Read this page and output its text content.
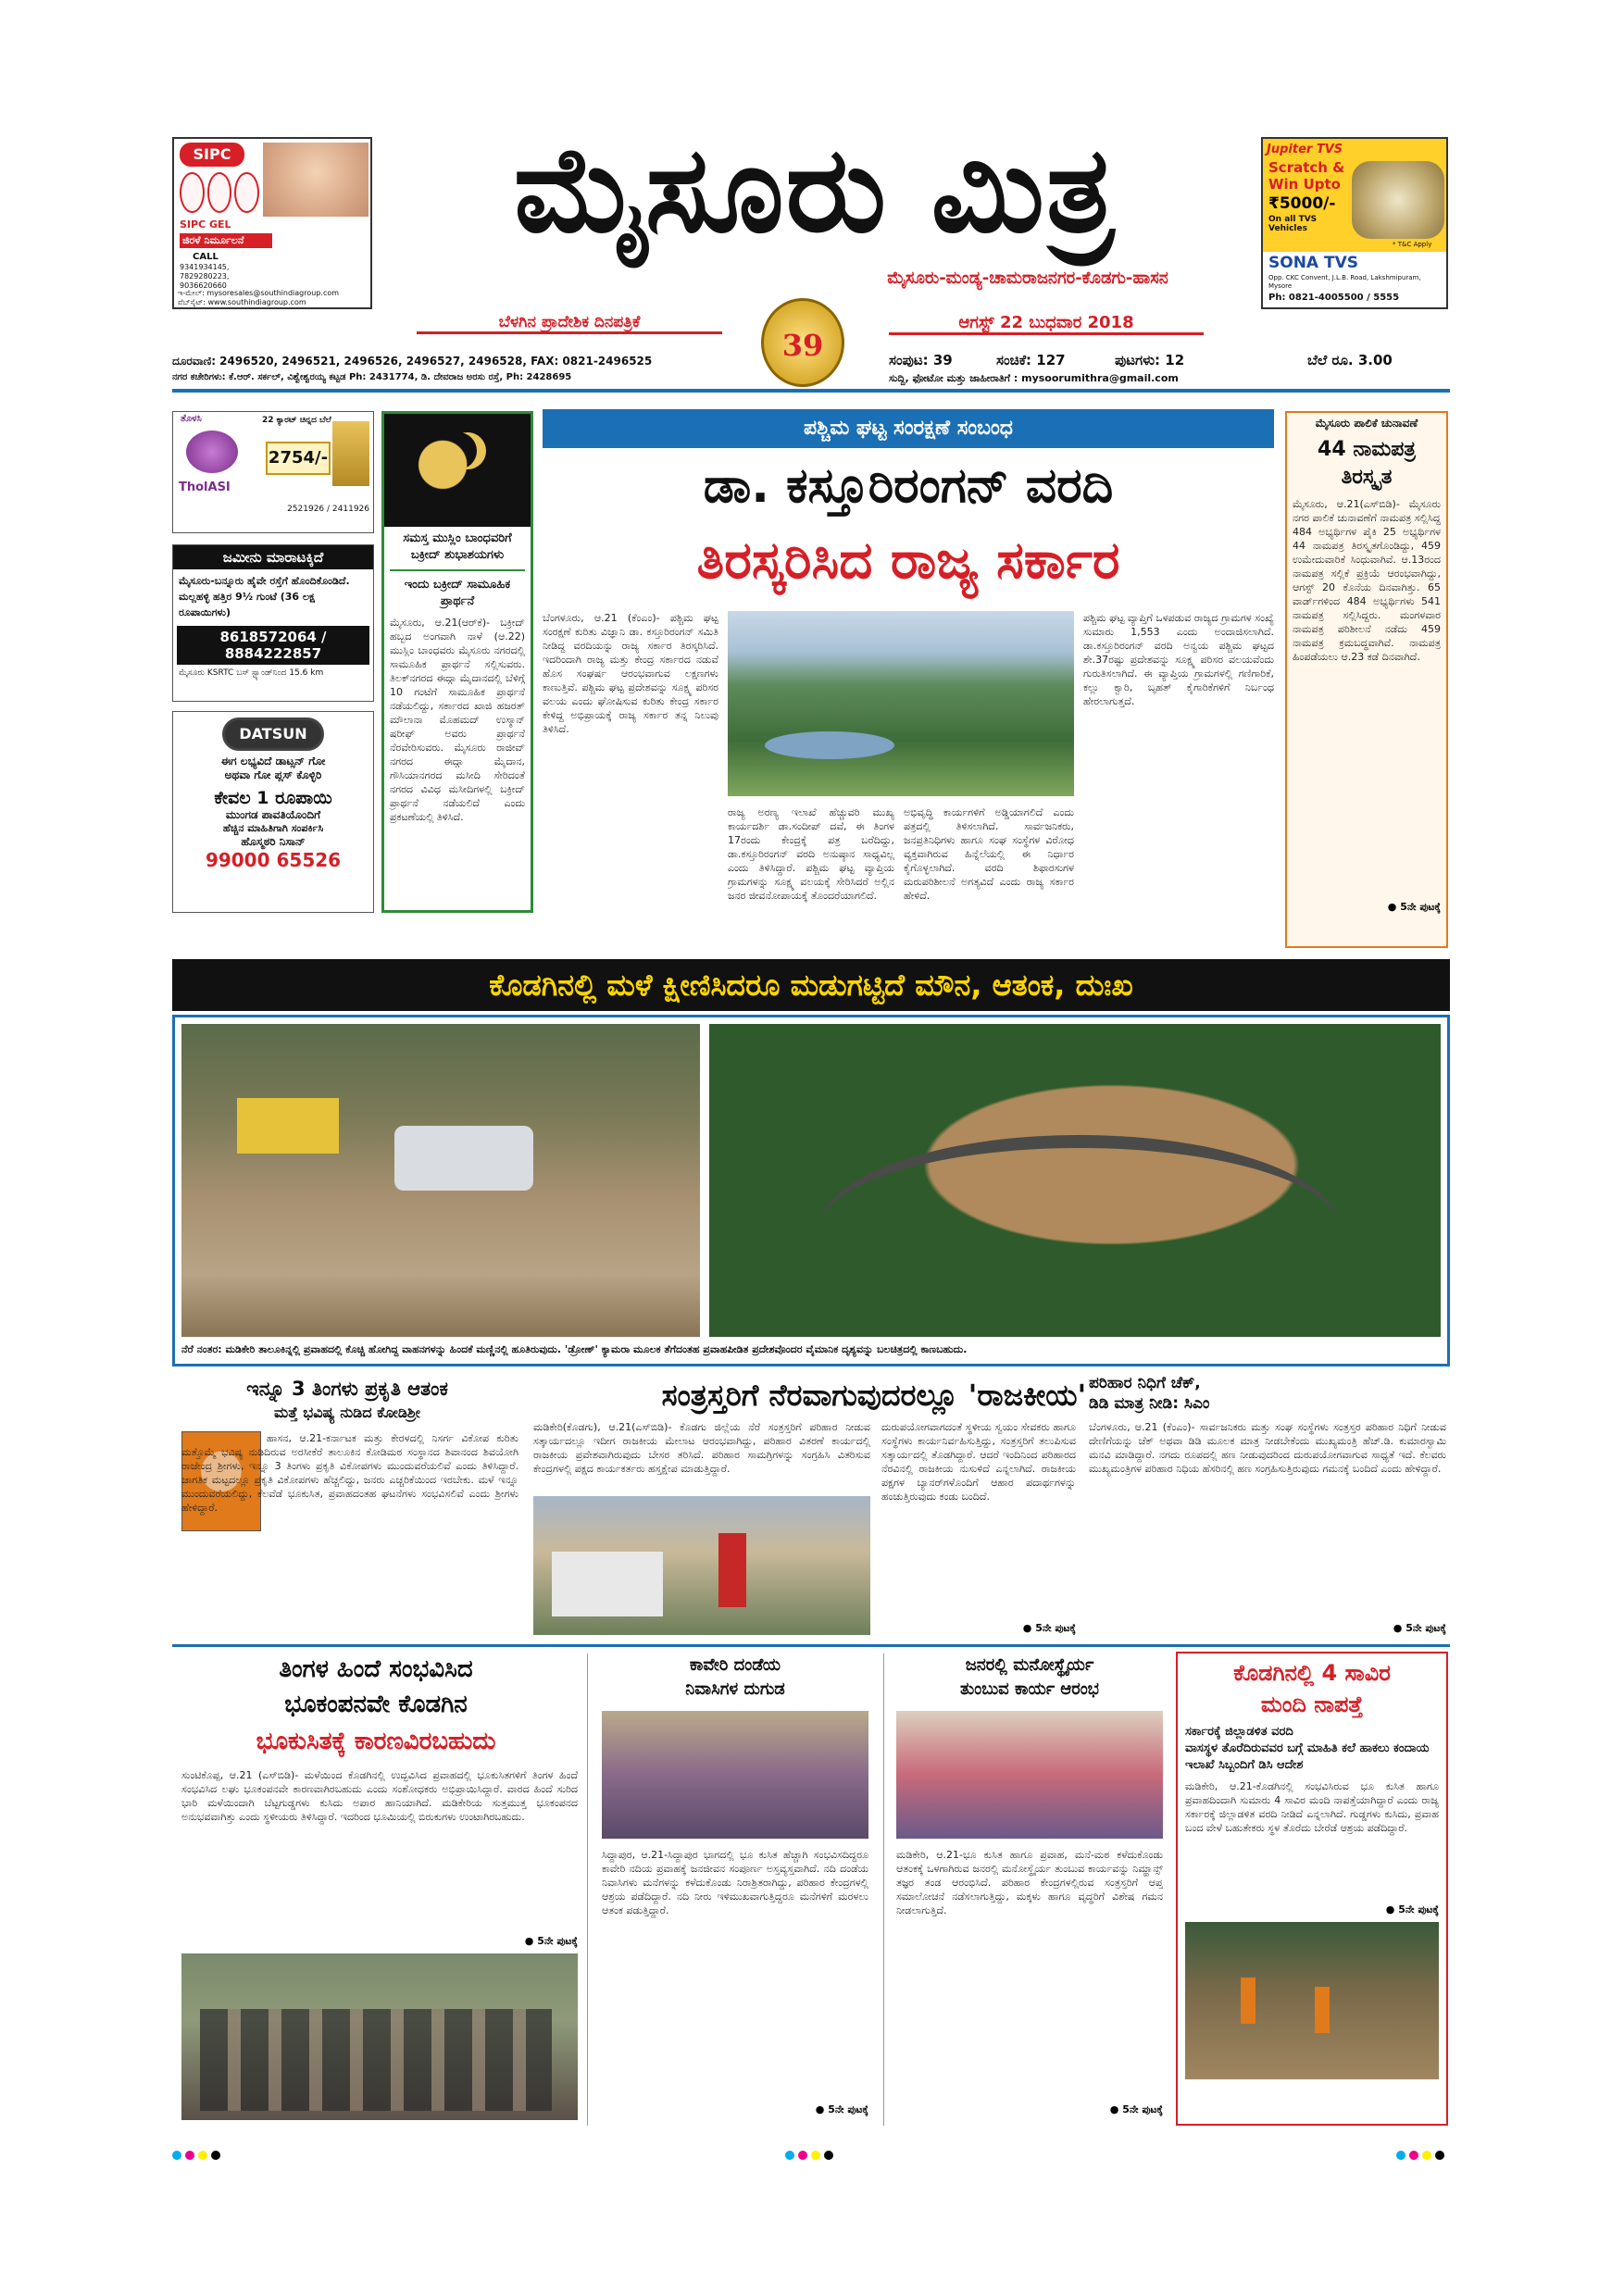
SIPC
SIPC GEL
ಜಿರಳೆ ನಿರ್ಮೂಲನೆ
CALL
9341934145, 7829280223, 9036620660
ಇ-ಮೇಲ್: mysoresales@southindiagroup.com
ವೆಬ್‌ಸೈಟ್: www.southindiagroup.com
ಮೈಸೂರು ಮಿತ್ರ
ಮೈಸೂರು-ಮಂಡ್ಯ-ಚಾಮರಾಜನಗರ-ಕೊಡಗು-ಹಾಸನ
ಬೆಳಗಿನ ಪ್ರಾದೇಶಿಕ ದಿನಪತ್ರಿಕೆ
39
ಆಗಸ್ಟ್ 22 ಬುಧವಾರ 2018
Jupiter TVS
Scratch &
Win Upto
₹5000/-
On all TVS Vehicles
* T&C Apply
SONA TVS
Opp. CKC Convent, J.L.B. Road, Lakshmipuram, Mysore
Ph: 0821-4005500 / 5555
ದೂರವಾಣಿ: 2496520, 2496521, 2496526, 2496527, 2496528, FAX: 0821-2496525
ನಗರ ಕಚೇರಿಗಳು: ಕೆ.ಆರ್. ಸರ್ಕಲ್, ವಿಶ್ವೇಶ್ವರಯ್ಯ ಕಟ್ಟಡ Ph: 2431774, ಡಿ. ದೇವರಾಜ ಅರಸು ರಸ್ತೆ, Ph: 2428695
ಸಂಪುಟ: 39	ಸಂಚಿಕೆ: 127	ಪುಟಗಳು: 12	ಬೆಲೆ ರೂ. 3.00
ಸುದ್ದಿ, ಫೋಟೋ ಮತ್ತು ಜಾಹೀರಾತಿಗೆ : mysoorumithra@gmail.com
ತೊಳಸಿ
TholASI
22 ಕ್ಯಾರಟ್ ಚಿನ್ನದ ಬೆಲೆ
2754/-
2521926 / 2411926
ಜಮೀನು ಮಾರಾಟಕ್ಕಿದೆ
ಮೈಸೂರು-ಬನ್ನೂರು ಹೈವೇ ರಸ್ತೆಗೆ ಹೊಂದಿಕೊಂಡಿದೆ. ಮಲ್ಲಹಳ್ಳಿ ಹತ್ತಿರ 9½ ಗುಂಟೆ (36 ಲಕ್ಷ ರೂಪಾಯಿಗಳು)
8618572064 / 8884222857
ಮೈಸೂರು KSRTC ಬಸ್ ಸ್ಟ್ಯಾಂಡ್‌ನಿಂದ 15.6 km
DATSUN
ಈಗ ಲಭ್ಯವಿದೆ ಡಾಟ್ಸನ್ ಗೋ
ಅಥವಾ ಗೋ ಪ್ಲಸ್ ಕೊಳ್ಳಿರಿ
ಕೇವಲ 1 ರೂಪಾಯಿ
ಮುಂಗಡ ಪಾವತಿಯೊಂದಿಗೆ
ಹೆಚ್ಚಿನ ಮಾಹಿತಿಗಾಗಿ ಸಂಪರ್ಕಿಸಿ
ಹೊಸ್ಮಠರಿ ನಿಸಾನ್
99000 65526
ಸಮಸ್ತ ಮುಸ್ಲಿಂ ಬಾಂಧವರಿಗೆ ಬಕ್ರೀದ್ ಶುಭಾಶಯಗಳು
ಇಂದು ಬಕ್ರೀದ್ ಸಾಮೂಹಿಕ ಪ್ರಾರ್ಥನೆ
ಮೈಸೂರು, ಆ.21(ಆರ್‌ಕೆ)- ಬಕ್ರೀದ್ ಹಬ್ಬದ ಅಂಗವಾಗಿ ನಾಳೆ (ಆ.22) ಮುಸ್ಲಿಂ ಬಾಂಧವರು ಮೈಸೂರು ನಗರದಲ್ಲಿ ಸಾಮೂಹಿಕ ಪ್ರಾರ್ಥನೆ ಸಲ್ಲಿಸುವರು. ತಿಲಕ್‌ನಗರದ ಈದ್ಗಾ ಮೈದಾನದಲ್ಲಿ ಬೆಳಿಗ್ಗೆ 10 ಗಂಟೆಗೆ ಸಾಮೂಹಿಕ ಪ್ರಾರ್ಥನೆ ನಡೆಯಲಿದ್ದು, ಸರ್ಕಾರದ ಖಾಜಿ ಹಜರತ್ ಮೌಲಾನಾ ಮೊಹಮದ್ ಉಸ್ಮಾನ್ ಷರೀಫ್ ಅವರು ಪ್ರಾರ್ಥನೆ ನೆರವೇರಿಸುವರು. ಮೈಸೂರು ರಾಜೀವ್ ನಗರದ ಈದ್ಗಾ ಮೈದಾನ, ಗೌಸಿಯಾನಗರದ ಮಸೀದಿ ಸೇರಿದಂತೆ ನಗರದ ವಿವಿಧ ಮಸೀದಿಗಳಲ್ಲಿ ಬಕ್ರೀದ್ ಪ್ರಾರ್ಥನೆ ನಡೆಯಲಿದೆ ಎಂದು ಪ್ರಕಟಣೆಯಲ್ಲಿ ತಿಳಿಸಿದೆ.
ಪಶ್ಚಿಮ ಘಟ್ಟ ಸಂರಕ್ಷಣೆ ಸಂಬಂಧ
ಡಾ. ಕಸ್ತೂರಿರಂಗನ್ ವರದಿ
ತಿರಸ್ಕರಿಸಿದ ರಾಜ್ಯ ಸರ್ಕಾರ
ಬೆಂಗಳೂರು, ಆ.21 (ಕೆಂಎಂ)- ಪಶ್ಚಿಮ ಘಟ್ಟ ಸಂರಕ್ಷಣೆ ಕುರಿತು ವಿಜ್ಞಾನಿ ಡಾ. ಕಸ್ತೂರಿರಂಗನ್ ಸಮಿತಿ ನೀಡಿದ್ದ ವರದಿಯನ್ನು ರಾಜ್ಯ ಸರ್ಕಾರ ತಿರಸ್ಕರಿಸಿದೆ. ಇದರಿಂದಾಗಿ ರಾಜ್ಯ ಮತ್ತು ಕೇಂದ್ರ ಸರ್ಕಾರದ ನಡುವೆ ಹೊಸ ಸಂಘರ್ಷ ಆರಂಭವಾಗುವ ಲಕ್ಷಣಗಳು ಕಾಣುತ್ತಿವೆ. ಪಶ್ಚಿಮ ಘಟ್ಟ ಪ್ರದೇಶವನ್ನು ಸೂಕ್ಷ್ಮ ಪರಿಸರ ವಲಯ ಎಂದು ಘೋಷಿಸುವ ಕುರಿತು ಕೇಂದ್ರ ಸರ್ಕಾರ ಕೇಳಿದ್ದ ಅಭಿಪ್ರಾಯಕ್ಕೆ ರಾಜ್ಯ ಸರ್ಕಾರ ತನ್ನ ನಿಲುವು ತಿಳಿಸಿದೆ.
ರಾಜ್ಯ ಅರಣ್ಯ ಇಲಾಖೆ ಹೆಚ್ಚುವರಿ ಮುಖ್ಯ ಕಾರ್ಯದರ್ಶಿ ಡಾ.ಸಂದೀಪ್ ದವೆ, ಈ ತಿಂಗಳ 17ರಂದು ಕೇಂದ್ರಕ್ಕೆ ಪತ್ರ ಬರೆದಿದ್ದು, ಡಾ.ಕಸ್ತೂರಿರಂಗನ್ ವರದಿ ಅನುಷ್ಠಾನ ಸಾಧ್ಯವಿಲ್ಲ ಎಂದು ತಿಳಿಸಿದ್ದಾರೆ. ಪಶ್ಚಿಮ ಘಟ್ಟ ವ್ಯಾಪ್ತಿಯ ಗ್ರಾಮಗಳನ್ನು ಸೂಕ್ಷ್ಮ ವಲಯಕ್ಕೆ ಸೇರಿಸಿದರೆ ಅಲ್ಲಿನ ಜನರ ಜೀವನೋಪಾಯಕ್ಕೆ ತೊಂದರೆಯಾಗಲಿದೆ.
ಅಭಿವೃದ್ಧಿ ಕಾರ್ಯಗಳಿಗೆ ಅಡ್ಡಿಯಾಗಲಿದೆ ಎಂದು ಪತ್ರದಲ್ಲಿ ತಿಳಿಸಲಾಗಿದೆ. ಸಾರ್ವಜನಿಕರು, ಜನಪ್ರತಿನಿಧಿಗಳು ಹಾಗೂ ಸಂಘ ಸಂಸ್ಥೆಗಳ ವಿರೋಧ ವ್ಯಕ್ತವಾಗಿರುವ ಹಿನ್ನೆಲೆಯಲ್ಲಿ ಈ ನಿರ್ಧಾರ ಕೈಗೊಳ್ಳಲಾಗಿದೆ. ವರದಿ ಶಿಫಾರಸುಗಳ ಮರುಪರಿಶೀಲನೆ ಅಗತ್ಯವಿದೆ ಎಂದು ರಾಜ್ಯ ಸರ್ಕಾರ ಹೇಳಿದೆ.
ಪಶ್ಚಿಮ ಘಟ್ಟ ವ್ಯಾಪ್ತಿಗೆ ಒಳಪಡುವ ರಾಜ್ಯದ ಗ್ರಾಮಗಳ ಸಂಖ್ಯೆ ಸುಮಾರು 1,553 ಎಂದು ಅಂದಾಜಿಸಲಾಗಿದೆ. ಡಾ.ಕಸ್ತೂರಿರಂಗನ್ ವರದಿ ಅನ್ವಯ ಪಶ್ಚಿಮ ಘಟ್ಟದ ಶೇ.37ರಷ್ಟು ಪ್ರದೇಶವನ್ನು ಸೂಕ್ಷ್ಮ ಪರಿಸರ ವಲಯವೆಂದು ಗುರುತಿಸಲಾಗಿದೆ. ಈ ವ್ಯಾಪ್ತಿಯ ಗ್ರಾಮಗಳಲ್ಲಿ ಗಣಿಗಾರಿಕೆ, ಕಲ್ಲು ಕ್ವಾರಿ, ಬೃಹತ್ ಕೈಗಾರಿಕೆಗಳಿಗೆ ನಿರ್ಬಂಧ ಹೇರಲಾಗುತ್ತದೆ.
ಮೈಸೂರು ಪಾಲಿಕೆ ಚುನಾವಣೆ
44 ನಾಮಪತ್ರ ತಿರಸ್ಕೃತ
ಮೈಸೂರು, ಆ.21(ಎಸ್‌ಬಿಡಿ)- ಮೈಸೂರು ನಗರ ಪಾಲಿಕೆ ಚುನಾವಣೆಗೆ ನಾಮಪತ್ರ ಸಲ್ಲಿಸಿದ್ದ 484 ಅಭ್ಯರ್ಥಿಗಳ ಪೈಕಿ 25 ಅಭ್ಯರ್ಥಿಗಳ 44 ನಾಮಪತ್ರ ತಿರಸ್ಕೃತಗೊಂಡಿದ್ದು, 459 ಉಮೇದುವಾರಿಕೆ ಸಿಂಧುವಾಗಿವೆ. ಆ.13ರಂದ ನಾಮಪತ್ರ ಸಲ್ಲಿಕೆ ಪ್ರಕ್ರಿಯೆ ಆರಂಭವಾಗಿದ್ದು, ಆಗಸ್ಟ್ 20 ಕೊನೆಯ ದಿನವಾಗಿತ್ತು. 65 ವಾರ್ಡ್‌ಗಳಿಂದ 484 ಅಭ್ಯರ್ಥಿಗಳು 541 ನಾಮಪತ್ರ ಸಲ್ಲಿಸಿದ್ದರು. ಮಂಗಳವಾರ ನಾಮಪತ್ರ ಪರಿಶೀಲನೆ ನಡೆದು 459 ನಾಮಪತ್ರ ಕ್ರಮಬದ್ಧವಾಗಿವೆ. ನಾಮಪತ್ರ ಹಿಂಪಡೆಯಲು ಆ.23 ಕಡೆ ದಿನವಾಗಿದೆ.
● 5ನೇ ಪುಟಕ್ಕೆ
ಕೊಡಗಿನಲ್ಲಿ ಮಳೆ ಕ್ಷೀಣಿಸಿದರೂ ಮಡುಗಟ್ಟಿದೆ ಮೌನ, ಆತಂಕ, ದುಃಖ
ನೆರೆ ನಂತರ: ಮಡಿಕೇರಿ ತಾಲೂಕಿನ್ನಲ್ಲಿ ಪ್ರವಾಹದಲ್ಲಿ ಕೊಚ್ಚಿ ಹೋಗಿದ್ದ ವಾಹನಗಳನ್ನು ಹಿಂದಕೆ ಮಣ್ಣಿನಲ್ಲಿ ಹೂತಿರುವುದು. 'ಡ್ರೋಣ್' ಕ್ಯಾಮರಾ ಮೂಲಕ ತೆಗೆದಂತಹ ಪ್ರವಾಹಪೀಡಿತ ಪ್ರದೇಶವೊಂದರ ವೈಮಾನಿಕ ದೃಶ್ಯವನ್ನು ಬಲಚಿತ್ರದಲ್ಲಿ ಕಾಣಬಹುದು.
ಇನ್ನೂ 3 ತಿಂಗಳು ಪ್ರಕೃತಿ ಆತಂಕ
ಮತ್ತೆ ಭವಿಷ್ಯ ನುಡಿದ ಕೋಡಿಶ್ರೀ
ಹಾಸನ, ಆ.21-ಕರ್ನಾಟಕ ಮತ್ತು ಕೇರಳದಲ್ಲಿ ನಿಸರ್ಗ ವಿಕೋಪ ಕುರಿತು ಮತ್ತೊಮ್ಮೆ ಭವಿಷ್ಯ ನುಡಿದಿರುವ ಅರಸೀಕೆರೆ ತಾಲೂಕಿನ ಕೋಡಿಮಠ ಸಂಸ್ಥಾನದ ಶಿವಾನಂದ ಶಿವಯೋಗಿ ರಾಜೇಂದ್ರ ಶ್ರೀಗಳು, ಇನ್ನೂ 3 ತಿಂಗಳು ಪ್ರಕೃತಿ ವಿಕೋಪಗಳು ಮುಂದುವರೆಯಲಿವೆ ಎಂದು ತಿಳಿಸಿದ್ದಾರೆ. ಜಾಗತಿಕ ಮಟ್ಟದಲ್ಲೂ ಪ್ರಕೃತಿ ವಿಕೋಪಗಳು ಹೆಚ್ಚಲಿದ್ದು, ಜನರು ಎಚ್ಚರಿಕೆಯಿಂದ ಇರಬೇಕು. ಮಳೆ ಇನ್ನೂ ಮುಂದುವರೆಯಲಿದ್ದು, ಕೆಲವೆಡೆ ಭೂಕುಸಿತ, ಪ್ರವಾಹದಂತಹ ಘಟನೆಗಳು ಸಂಭವಿಸಲಿವೆ ಎಂದು ಶ್ರೀಗಳು ಹೇಳಿದ್ದಾರೆ.
ಸಂತ್ರಸ್ತರಿಗೆ ನೆರವಾಗುವುದರಲ್ಲೂ 'ರಾಜಕೀಯ'
ಮಡಿಕೇರಿ(ಕೊಡಗು), ಆ.21(ಎಸ್‌ಬಿಡಿ)- ಕೊಡಗು ಜಿಲ್ಲೆಯ ನೆರೆ ಸಂತ್ರಸ್ತರಿಗೆ ಪರಿಹಾರ ನೀಡುವ ಸತ್ಕಾರ್ಯದಲ್ಲೂ ಇದೀಗ ರಾಜಕೀಯ ಮೇಲಾಟ ಆರಂಭವಾಗಿದ್ದು, ಪರಿಹಾರ ವಿತರಣೆ ಕಾರ್ಯದಲ್ಲಿ ರಾಜಕೀಯ ಪ್ರವೇಶವಾಗಿರುವುದು ಬೇಸರ ತರಿಸಿದೆ. ಪರಿಹಾರ ಸಾಮಗ್ರಿಗಳನ್ನು ಸಂಗ್ರಹಿಸಿ ವಿತರಿಸುವ ಕೇಂದ್ರಗಳಲ್ಲಿ ಪಕ್ಷದ ಕಾರ್ಯಕರ್ತರು ಹಸ್ತಕ್ಷೇಪ ಮಾಡುತ್ತಿದ್ದಾರೆ.
ದುರುಪಯೋಗವಾಗದಂತೆ ಸ್ಥಳೀಯ ಸ್ವಯಂ ಸೇವಕರು ಹಾಗೂ ಸಂಸ್ಥೆಗಳು ಕಾರ್ಯನಿರ್ವಹಿಸುತ್ತಿದ್ದು, ಸಂತ್ರಸ್ತರಿಗೆ ತಲುಪಿಸುವ ಸತ್ಕಾರ್ಯದಲ್ಲಿ ತೊಡಗಿದ್ದಾರೆ. ಆದರೆ ಇಂದಿನಿಂದ ಪರಿಹಾರದ ನೆರವಿನಲ್ಲಿ ರಾಜಕೀಯ ನುಸುಳಿದೆ ಎನ್ನಲಾಗಿದೆ. ರಾಜಕೀಯ ಪಕ್ಷಗಳ ಬ್ಯಾನರ್‌ಗಳೊಂದಿಗೆ ಆಹಾರ ಪದಾರ್ಥಗಳನ್ನು ಹಂಚುತ್ತಿರುವುದು ಕಂಡು ಬಂದಿದೆ.
● 5ನೇ ಪುಟಕ್ಕೆ
ಪರಿಹಾರ ನಿಧಿಗೆ ಚೆಕ್,
ಡಿಡಿ ಮಾತ್ರ ನೀಡಿ: ಸಿಎಂ
ಬೆಂಗಳೂರು, ಆ.21 (ಕೆಂಎಂ)- ಸಾರ್ವಜನಿಕರು ಮತ್ತು ಸಂಘ ಸಂಸ್ಥೆಗಳು ಸಂತ್ರಸ್ತರ ಪರಿಹಾರ ನಿಧಿಗೆ ನೀಡುವ ದೇಣಿಗೆಯನ್ನು ಚೆಕ್ ಅಥವಾ ಡಿಡಿ ಮೂಲಕ ಮಾತ್ರ ನೀಡಬೇಕೆಂದು ಮುಖ್ಯಮಂತ್ರಿ ಹೆಚ್.ಡಿ. ಕುಮಾರಸ್ವಾಮಿ ಮನವಿ ಮಾಡಿದ್ದಾರೆ. ನಗದು ರೂಪದಲ್ಲಿ ಹಣ ನೀಡುವುದರಿಂದ ದುರುಪಯೋಗವಾಗುವ ಸಾಧ್ಯತೆ ಇದೆ. ಕೆಲವರು ಮುಖ್ಯಮಂತ್ರಿಗಳ ಪರಿಹಾರ ನಿಧಿಯ ಹೆಸರಿನಲ್ಲಿ ಹಣ ಸಂಗ್ರಹಿಸುತ್ತಿರುವುದು ಗಮನಕ್ಕೆ ಬಂದಿದೆ ಎಂದು ಹೇಳಿದ್ದಾರೆ.
● 5ನೇ ಪುಟಕ್ಕೆ
ತಿಂಗಳ ಹಿಂದೆ ಸಂಭವಿಸಿದ
ಭೂಕಂಪನವೇ ಕೊಡಗಿನ
ಭೂಕುಸಿತಕ್ಕೆ ಕಾರಣವಿರಬಹುದು
ಸುಂಟಿಕೊಪ್ಪ, ಆ.21 (ಎಸ್‌ಬಿಡಿ)- ಮಳೆಯಿಂದ ಕೊಡಗಿನಲ್ಲಿ ಉದ್ಭವಿಸಿದ ಪ್ರವಾಹದಲ್ಲಿ ಭೂಕುಸಿತಗಳಿಗೆ ತಿಂಗಳ ಹಿಂದೆ ಸಂಭವಿಸಿದ ಲಘು ಭೂಕಂಪನವೇ ಕಾರಣವಾಗಿರಬಹುದು ಎಂದು ಸಂಶೋಧಕರು ಅಭಿಪ್ರಾಯಿಸಿದ್ದಾರೆ. ವಾರದ ಹಿಂದೆ ಸುರಿದ ಭಾರಿ ಮಳೆಯಿಂದಾಗಿ ಬೆಟ್ಟಗುಡ್ಡಗಳು ಕುಸಿದು ಅಪಾರ ಹಾನಿಯಾಗಿದೆ. ಮಡಿಕೇರಿಯ ಸುತ್ತಮುತ್ತ ಭೂಕಂಪನದ ಅನುಭವವಾಗಿತ್ತು ಎಂದು ಸ್ಥಳೀಯರು ತಿಳಿಸಿದ್ದಾರೆ. ಇದರಿಂದ ಭೂಮಿಯಲ್ಲಿ ಬಿರುಕುಗಳು ಉಂಟಾಗಿರಬಹುದು.
● 5ನೇ ಪುಟಕ್ಕೆ
ಕಾವೇರಿ ದಂಡೆಯ
ನಿವಾಸಿಗಳ ದುಗುಡ
ಸಿದ್ದಾಪುರ, ಆ.21-ಸಿದ್ದಾಪುರ ಭಾಗದಲ್ಲಿ ಭೂ ಕುಸಿತ ಹೆಚ್ಚಾಗಿ ಸಂಭವಿಸದಿದ್ದರೂ ಕಾವೇರಿ ನದಿಯ ಪ್ರವಾಹಕ್ಕೆ ಜನಜೀವನ ಸಂಪೂರ್ಣ ಅಸ್ತವ್ಯಸ್ತವಾಗಿದೆ. ನದಿ ದಂಡೆಯ ನಿವಾಸಿಗಳು ಮನೆಗಳನ್ನು ಕಳೆದುಕೊಂಡು ನಿರಾಶ್ರಿತರಾಗಿದ್ದು, ಪರಿಹಾರ ಕೇಂದ್ರಗಳಲ್ಲಿ ಆಶ್ರಯ ಪಡೆದಿದ್ದಾರೆ. ನದಿ ನೀರು ಇಳಿಮುಖವಾಗುತ್ತಿದ್ದರೂ ಮನೆಗಳಿಗೆ ಮರಳಲು ಆತಂಕ ಪಡುತ್ತಿದ್ದಾರೆ.
● 5ನೇ ಪುಟಕ್ಕೆ
ಜನರಲ್ಲಿ ಮನೋಸ್ಥೈರ್ಯ
ತುಂಬುವ ಕಾರ್ಯ ಆರಂಭ
ಮಡಿಕೇರಿ, ಆ.21-ಭೂ ಕುಸಿತ ಹಾಗೂ ಪ್ರವಾಹ, ಮನೆ-ಮಠ ಕಳೆದುಕೊಂಡು ಆತಂಕಕ್ಕೆ ಒಳಗಾಗಿರುವ ಜನರಲ್ಲಿ ಮನೋಸ್ಥೈರ್ಯ ತುಂಬುವ ಕಾರ್ಯವನ್ನು ನಿಮ್ಹಾನ್ಸ್ ತಜ್ಞರ ತಂಡ ಆರಂಭಿಸಿದೆ. ಪರಿಹಾರ ಕೇಂದ್ರಗಳಲ್ಲಿರುವ ಸಂತ್ರಸ್ತರಿಗೆ ಆಪ್ತ ಸಮಾಲೋಚನೆ ನಡೆಸಲಾಗುತ್ತಿದ್ದು, ಮಕ್ಕಳು ಹಾಗೂ ವೃದ್ಧರಿಗೆ ವಿಶೇಷ ಗಮನ ನೀಡಲಾಗುತ್ತಿದೆ.
● 5ನೇ ಪುಟಕ್ಕೆ
ಕೊಡಗಿನಲ್ಲಿ 4 ಸಾವಿರ
ಮಂದಿ ನಾಪತ್ತೆ
ಸರ್ಕಾರಕ್ಕೆ ಜಿಲ್ಲಾಡಳಿತ ವರದಿ
ವಾಸಸ್ಥಳ ತೊರೆದಿರುವವರ ಬಗ್ಗೆ ಮಾಹಿತಿ ಕಲೆ ಹಾಕಲು ಕಂದಾಯ ಇಲಾಖೆ ಸಿಬ್ಬಂದಿಗೆ ಡಿಸಿ ಆದೇಶ
ಮಡಿಕೇರಿ, ಆ.21-ಕೊಡಗಿನಲ್ಲಿ ಸಂಭವಿಸಿರುವ ಭೂ ಕುಸಿತ ಹಾಗೂ ಪ್ರವಾಹದಿಂದಾಗಿ ಸುಮಾರು 4 ಸಾವಿರ ಮಂದಿ ನಾಪತ್ತೆಯಾಗಿದ್ದಾರೆ ಎಂದು ರಾಜ್ಯ ಸರ್ಕಾರಕ್ಕೆ ಜಿಲ್ಲಾಡಳಿತ ವರದಿ ನೀಡಿದೆ ಎನ್ನಲಾಗಿದೆ. ಗುಡ್ಡಗಳು ಕುಸಿದು, ಪ್ರವಾಹ ಬಂದ ವೇಳೆ ಬಹುತೇಕರು ಸ್ಥಳ ತೊರೆದು ಬೇರೆಡೆ ಆಶ್ರಯ ಪಡೆದಿದ್ದಾರೆ.
● 5ನೇ ಪುಟಕ್ಕೆ
